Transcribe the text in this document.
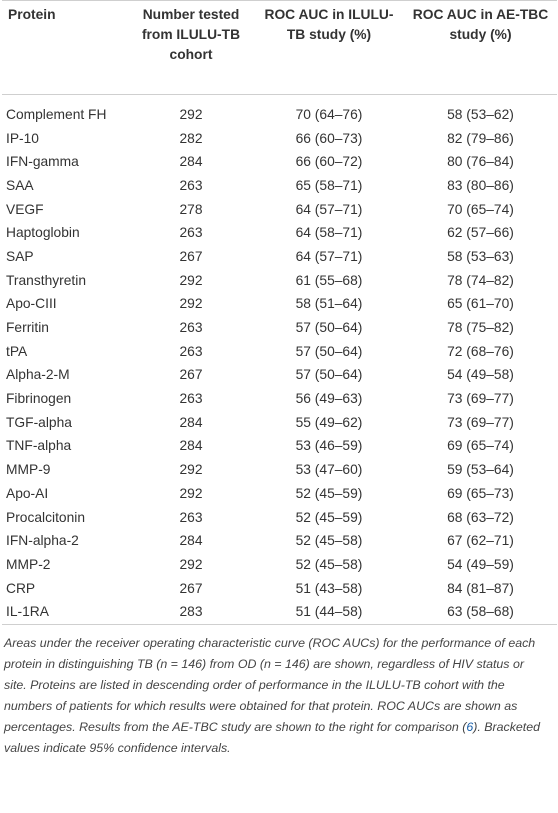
Protein	Number tested from ILULU-TB cohort	ROC AUC in ILULU-TB study (%)	ROC AUC in AE-TBC study (%)

Complement FH	292	70 (64–76)	58 (53–62)
IP-10	282	66 (60–73)	82 (79–86)
IFN-gamma	284	66 (60–72)	80 (76–84)
SAA	263	65 (58–71)	83 (80–86)
VEGF	278	64 (57–71)	70 (65–74)
Haptoglobin	263	64 (58–71)	62 (57–66)
SAP	267	64 (57–71)	58 (53–63)
Transthyretin	292	61 (55–68)	78 (74–82)
Apo-CIII	292	58 (51–64)	65 (61–70)
Ferritin	263	57 (50–64)	78 (75–82)
tPA	263	57 (50–64)	72 (68–76)
Alpha-2-M	267	57 (50–64)	54 (49–58)
Fibrinogen	263	56 (49–63)	73 (69–77)
TGF-alpha	284	55 (49–62)	73 (69–77)
TNF-alpha	284	53 (46–59)	69 (65–74)
MMP-9	292	53 (47–60)	59 (53–64)
Apo-AI	292	52 (45–59)	69 (65–73)
Procalcitonin	263	52 (45–59)	68 (63–72)
IFN-alpha-2	284	52 (45–58)	67 (62–71)
MMP-2	292	52 (45–58)	54 (49–59)
CRP	267	51 (43–58)	84 (81–87)
IL-1RA	283	51 (44–58)	63 (58–68)

Areas under the receiver operating characteristic curve (ROC AUCs) for the performance of each protein in distinguishing TB (n = 146) from OD (n = 146) are shown, regardless of HIV status or site. Proteins are listed in descending order of performance in the ILULU-TB cohort with the numbers of patients for which results were obtained for that protein. ROC AUCs are shown as percentages. Results from the AE-TBC study are shown to the right for comparison (6). Bracketed values indicate 95% confidence intervals.
